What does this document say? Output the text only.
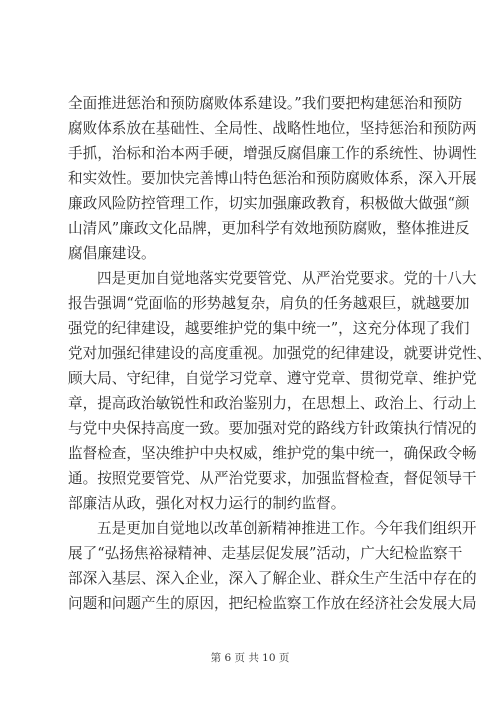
全面推进惩治和预防腐败体系建设。”我们要把构建惩治和预防
腐败体系放在基础性、全局性、战略性地位，坚持惩治和预防两
手抓，治标和治本两手硬，增强反腐倡廉工作的系统性、协调性
和实效性。要加快完善博山特色惩治和预防腐败体系，深入开展
廉政风险防控管理工作，切实加强廉政教育，积极做大做强“颜
山清风”廉政文化品牌，更加科学有效地预防腐败，整体推进反
腐倡廉建设。
四是更加自觉地落实党要管党、从严治党要求。党的十八大
报告强调“党面临的形势越复杂，肩负的任务越艰巨，就越要加
强党的纪律建设，越要维护党的集中统一”，这充分体现了我们
党对加强纪律建设的高度重视。加强党的纪律建设，就要讲党性、
顾大局、守纪律，自觉学习党章、遵守党章、贯彻党章、维护党
章，提高政治敏锐性和政治鉴别力，在思想上、政治上、行动上
与党中央保持高度一致。要加强对党的路线方针政策执行情况的
监督检查，坚决维护中央权威，维护党的集中统一，确保政令畅
通。按照党要管党、从严治党要求，加强监督检查，督促领导干
部廉洁从政，强化对权力运行的制约监督。
五是更加自觉地以改革创新精神推进工作。今年我们组织开
展了“弘扬焦裕禄精神、走基层促发展”活动，广大纪检监察干
部深入基层、深入企业，深入了解企业、群众生产生活中存在的
问题和问题产生的原因，把纪检监察工作放在经济社会发展大局
第 6 页 共 10 页
